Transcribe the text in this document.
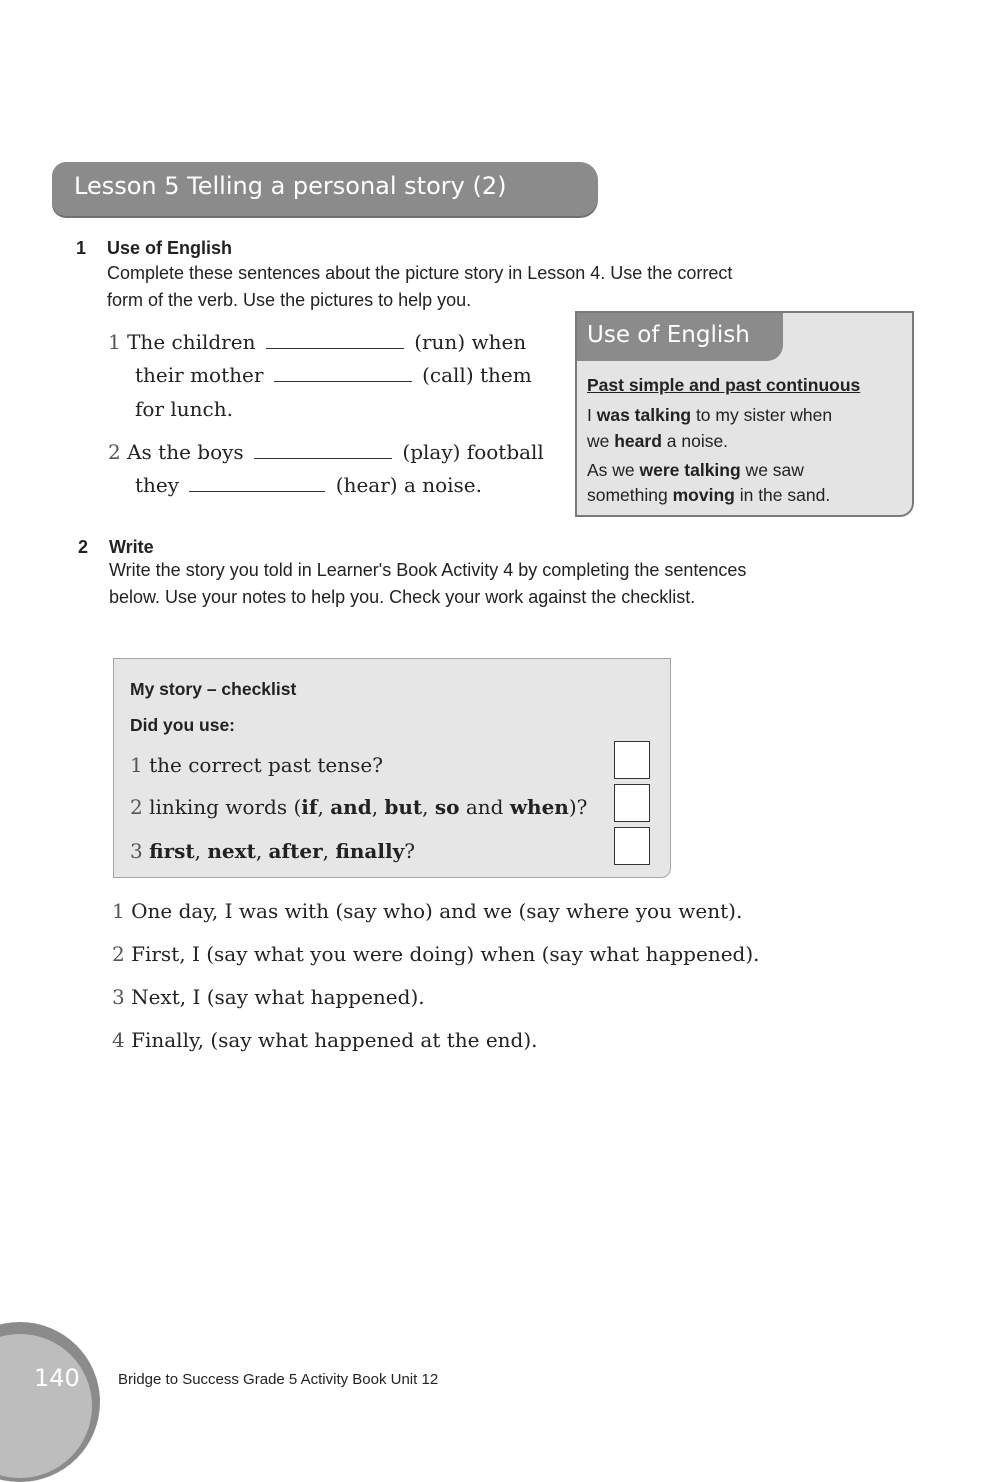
Lesson 5 Telling a personal story (2)
1 Use of English
Complete these sentences about the picture story in Lesson 4. Use the correct
form of the verb. Use the pictures to help you.
1 The children	(run) when
their mother	(call) them
for lunch.
2 As the boys	(play) football
they	(hear) a noise.
Use of English
Past simple and past continuous
I was talking to my sister when
we heard a noise.
As we were talking we saw
something moving in the sand.
2 Write
Write the story you told in Learner's Book Activity 4 by completing the sentences
below. Use your notes to help you. Check your work against the checklist.
My story – checklist
Did you use:
1 the correct past tense?
2 linking words (if, and, but, so and when)?
3 first, next, after, finally?
1 One day, I was with (say who) and we (say where you went).
2 First, I (say what you were doing) when (say what happened).
3 Next, I (say what happened).
4 Finally, (say what happened at the end).
140	Bridge to Success Grade 5 Activity Book Unit 12
